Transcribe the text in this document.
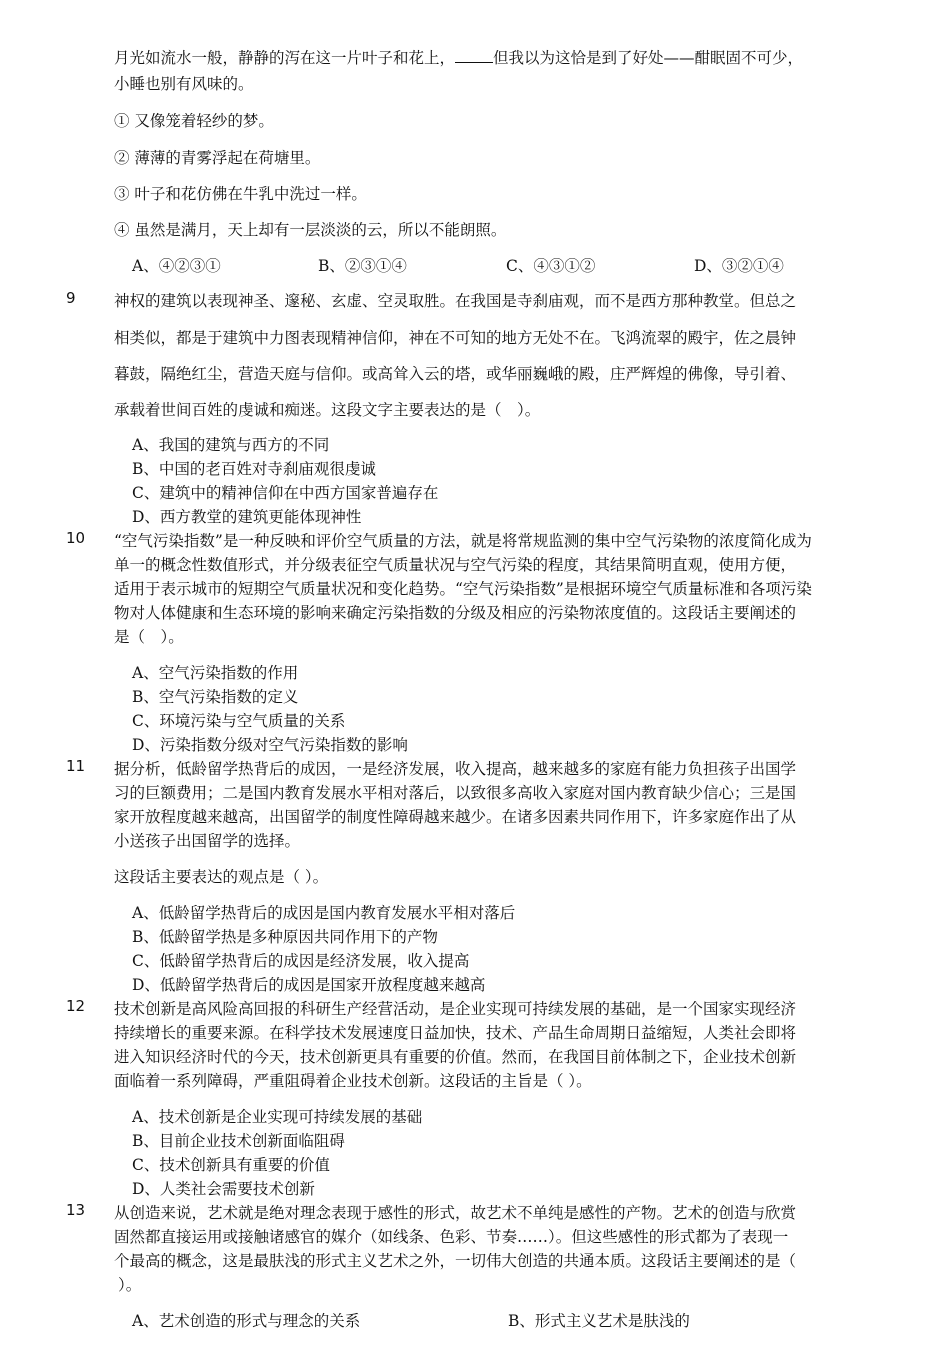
月光如流水一般，静静的泻在这一片叶子和花上， 但我以为这恰是到了好处——酣眠固不可少，
小睡也别有风味的。
① 又像笼着轻纱的梦。
② 薄薄的青雾浮起在荷塘里。
③ 叶子和花仿佛在牛乳中洗过一样。
④ 虽然是满月，天上却有一层淡淡的云，所以不能朗照。
A、④②③①	B、②③①④	C、④③①②	D、③②①④
9 神权的建筑以表现神圣、邃秘、玄虚、空灵取胜。在我国是寺刹庙观，而不是西方那种教堂。但总之
相类似，都是于建筑中力图表现精神信仰，神在不可知的地方无处不在。飞鸿流翠的殿宇，佐之晨钟
暮鼓，隔绝红尘，营造天庭与信仰。或高耸入云的塔，或华丽巍峨的殿，庄严辉煌的佛像，导引着、
承载着世间百姓的虔诚和痴迷。这段文字主要表达的是（　）。
A、我国的建筑与西方的不同
B、中国的老百姓对寺刹庙观很虔诚
C、建筑中的精神信仰在中西方国家普遍存在
D、西方教堂的建筑更能体现神性
10 “空气污染指数”是一种反映和评价空气质量的方法，就是将常规监测的集中空气污染物的浓度简化成为
单一的概念性数值形式，并分级表征空气质量状况与空气污染的程度，其结果简明直观，使用方便，
适用于表示城市的短期空气质量状况和变化趋势。“空气污染指数”是根据环境空气质量标准和各项污染
物对人体健康和生态环境的影响来确定污染指数的分级及相应的污染物浓度值的。这段话主要阐述的
是（　）。
A、空气污染指数的作用
B、空气污染指数的定义
C、环境污染与空气质量的关系
D、污染指数分级对空气污染指数的影响
11 据分析，低龄留学热背后的成因，一是经济发展，收入提高，越来越多的家庭有能力负担孩子出国学
习的巨额费用；二是国内教育发展水平相对落后，以致很多高收入家庭对国内教育缺少信心；三是国
家开放程度越来越高，出国留学的制度性障碍越来越少。在诸多因素共同作用下，许多家庭作出了从
小送孩子出国留学的选择。
这段话主要表达的观点是（ ）。
A、低龄留学热背后的成因是国内教育发展水平相对落后
B、低龄留学热是多种原因共同作用下的产物
C、低龄留学热背后的成因是经济发展，收入提高
D、低龄留学热背后的成因是国家开放程度越来越高
12 技术创新是高风险高回报的科研生产经营活动，是企业实现可持续发展的基础，是一个国家实现经济
持续增长的重要来源。在科学技术发展速度日益加快，技术、产品生命周期日益缩短，人类社会即将
进入知识经济时代的今天，技术创新更具有重要的价值。然而，在我国目前体制之下，企业技术创新
面临着一系列障碍，严重阻碍着企业技术创新。这段话的主旨是（ ）。
A、技术创新是企业实现可持续发展的基础
B、目前企业技术创新面临阻碍
C、技术创新具有重要的价值
D、人类社会需要技术创新
13 从创造来说，艺术就是绝对理念表现于感性的形式，故艺术不单纯是感性的产物。艺术的创造与欣赏
固然都直接运用或接触诸感官的媒介（如线条、色彩、节奏……）。但这些感性的形式都为了表现一
个最高的概念，这是最肤浅的形式主义艺术之外，一切伟大创造的共通本质。这段话主要阐述的是（
）。
A、艺术创造的形式与理念的关系	B、形式主义艺术是肤浅的
